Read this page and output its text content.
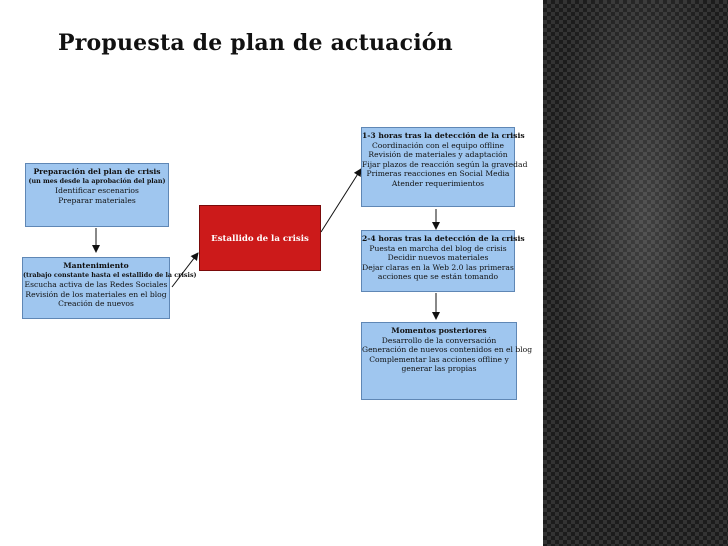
Propuesta de plan de actuación
Preparación del plan de crisis
(un mes desde la aprobación del plan)
Identificar escenarios
Preparar materiales
Mantenimiento
(trabajo constante hasta el estallido de la crisis)
Escucha activa de las Redes Sociales
Revisión de los materiales en el blog
Creación de nuevos
Estallido de la crisis
1-3 horas tras la detección de la crisis
Coordinación con el equipo offline
Revisión de materiales y adaptación
Fijar plazos de reacción según la gravedad
Primeras reacciones en Social Media
Atender requerimientos
2-4 horas tras la detección de la crisis
Puesta en marcha del blog de crisis
Decidir nuevos materiales
Dejar claras en la Web 2.0 las primeras
acciones que se están tomando
Momentos posteriores
Desarrollo de la conversación
Generación de nuevos contenidos en el blog
Complementar las acciones offline y
generar las propias
